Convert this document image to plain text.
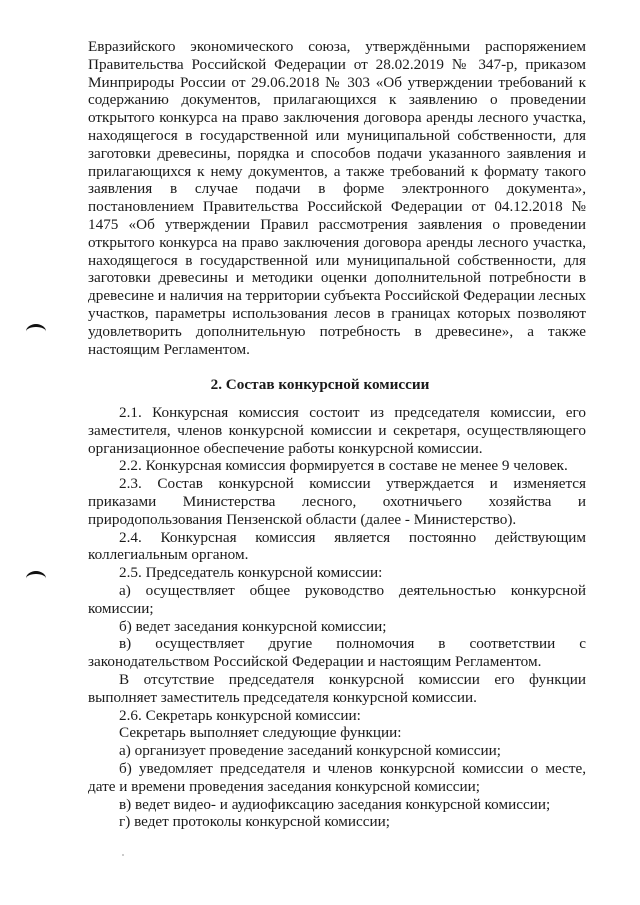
Евразийского экономического союза, утверждёнными распоряжением Правительства Российской Федерации от 28.02.2019 № 347-р, приказом Минприроды России от 29.06.2018 № 303 «Об утверждении требований к содержанию документов, прилагающихся к заявлению о проведении открытого конкурса на право заключения договора аренды лесного участка, находящегося в государственной или муниципальной собственности, для заготовки древесины, порядка и способов подачи указанного заявления и прилагающихся к нему документов, а также требований к формату такого заявления в случае подачи в форме электронного документа», постановлением Правительства Российской Федерации от 04.12.2018 № 1475 «Об утверждении Правил рассмотрения заявления о проведении открытого конкурса на право заключения договора аренды лесного участка, находящегося в государственной или муниципальной собственности, для заготовки древесины и методики оценки дополнительной потребности в древесине и наличия на территории субъекта Российской Федерации лесных участков, параметры использования лесов в границах которых позволяют удовлетворить дополнительную потребность в древесине», а также настоящим Регламентом.

2. Состав конкурсной комиссии

2.1. Конкурсная комиссия состоит из председателя комиссии, его заместителя, членов конкурсной комиссии и секретаря, осуществляющего организационное обеспечение работы конкурсной комиссии.

2.2. Конкурсная комиссия формируется в составе не менее 9 человек.

2.3. Состав конкурсной комиссии утверждается и изменяется приказами Министерства лесного, охотничьего хозяйства и природопользования Пензенской области (далее - Министерство).

2.4. Конкурсная комиссия является постоянно действующим коллегиальным органом.

2.5. Председатель конкурсной комиссии:

а) осуществляет общее руководство деятельностью конкурсной комиссии;

б) ведет заседания конкурсной комиссии;

в) осуществляет другие полномочия в соответствии с законодательством Российской Федерации и настоящим Регламентом.

В отсутствие председателя конкурсной комиссии его функции выполняет заместитель председателя конкурсной комиссии.

2.6. Секретарь конкурсной комиссии:

Секретарь выполняет следующие функции:

а) организует проведение заседаний конкурсной комиссии;

б) уведомляет председателя и членов конкурсной комиссии о месте, дате и времени проведения заседания конкурсной комиссии;

в) ведет видео- и аудиофиксацию заседания конкурсной комиссии;

г) ведет протоколы конкурсной комиссии;
